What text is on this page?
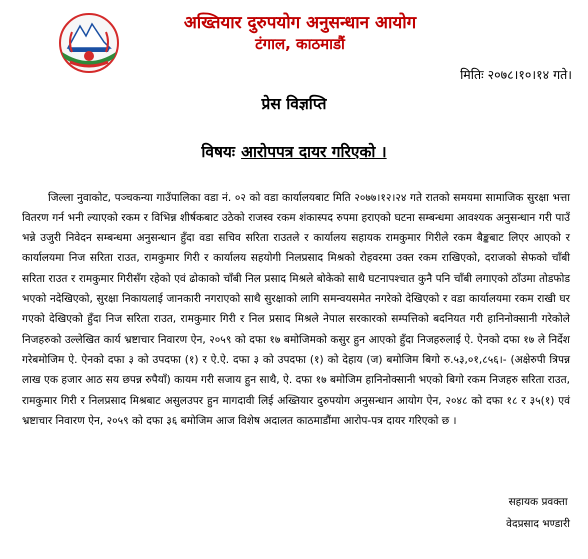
अख्तियार दुरुपयोग अनुसन्धान आयोग
टंगाल, काठमाडौं
मितिः २०७८।१०।१४ गते।
प्रेस विज्ञप्ति
विषयः आरोपपत्र दायर गरिएको ।

जिल्ला नुवाकोट, पञ्चकन्या गाउँपालिका वडा नं. ०२ को वडा कार्यालयबाट मिति २०७७।१२।२४ गते रातको समयमा सामाजिक सुरक्षा भत्ता वितरण गर्न भनी ल्याएको रकम र विभिन्न शीर्षकबाट उठेको राजस्व रकम शंकास्पद रुपमा हराएको घटना सम्बन्धमा आवश्यक अनुसन्धान गरी पाउँ भन्ने उजुरी निवेदन सम्बन्धमा अनुसन्धान हुँदा वडा सचिव सरिता राउतले र कार्यालय सहायक रामकुमार गिरीले रकम बैङ्कबाट लिएर आएको र कार्यालयमा निज सरिता राउत, रामकुमार गिरी र कार्यालय सहयोगी निलप्रसाद मिश्रको रोहवरमा उक्त रकम राखिएको, दराजको सेफको चाँबी सरिता राउत र रामकुमार गिरीसँग रहेको एवं ढोकाको चाँबी निल प्रसाद मिश्रले बोकेको साथै घटनापश्चात कुनै पनि चाँबी लगाएको ठाँउमा तोडफोड भएको नदेखिएको, सुरक्षा निकायलाई जानकारी नगराएको साथै सुरक्षाको लागि समन्वयसमेत नगरेको देखिएको र वडा कार्यालयमा रकम राखी घर गएको देखिएको हुँदा निज सरिता राउत, रामकुमार गिरी र निल प्रसाद मिश्रले नेपाल सरकारको सम्पत्तिको बदनियत गरी हानिनोक्सानी गरेकोले निजहरुको उल्लेखित कार्य भ्रष्टाचार निवारण ऐन, २०५९ को दफा १७ बमोजिमको कसुर हुन आएको हुँदा निजहरुलाई ऐ. ऐनको दफा १७ ले निर्देश गरेबमोजिम ऐ. ऐनको दफा ३ को उपदफा (१) र ऐ.ऐ. दफा ३ को उपदफा (१) को देहाय (ज) बमोजिम बिगो रु.५३,०१,८५६।- (अक्षेरुपी त्रिपन्न लाख एक हजार आठ सय छपन्न रुपैयाँ) कायम गरी सजाय हुन साथै, ऐ. दफा १७ बमोजिम हानिनोक्सानी भएको बिगो रकम निजहरु सरिता राउत, रामकुमार गिरी र निलप्रसाद मिश्रबाट असुलउपर हुन मागदावी लिई अख्तियार दुरुपयोग अनुसन्धान आयोग ऐन, २०४८ को दफा १८ र ३५(१) एवं भ्रष्टाचार निवारण ऐन, २०५९ को दफा ३६ बमोजिम आज विशेष अदालत काठमाडौंमा आरोप-पत्र दायर गरिएको छ ।

सहायक प्रवक्ता
वेदप्रसाद भण्डारी
